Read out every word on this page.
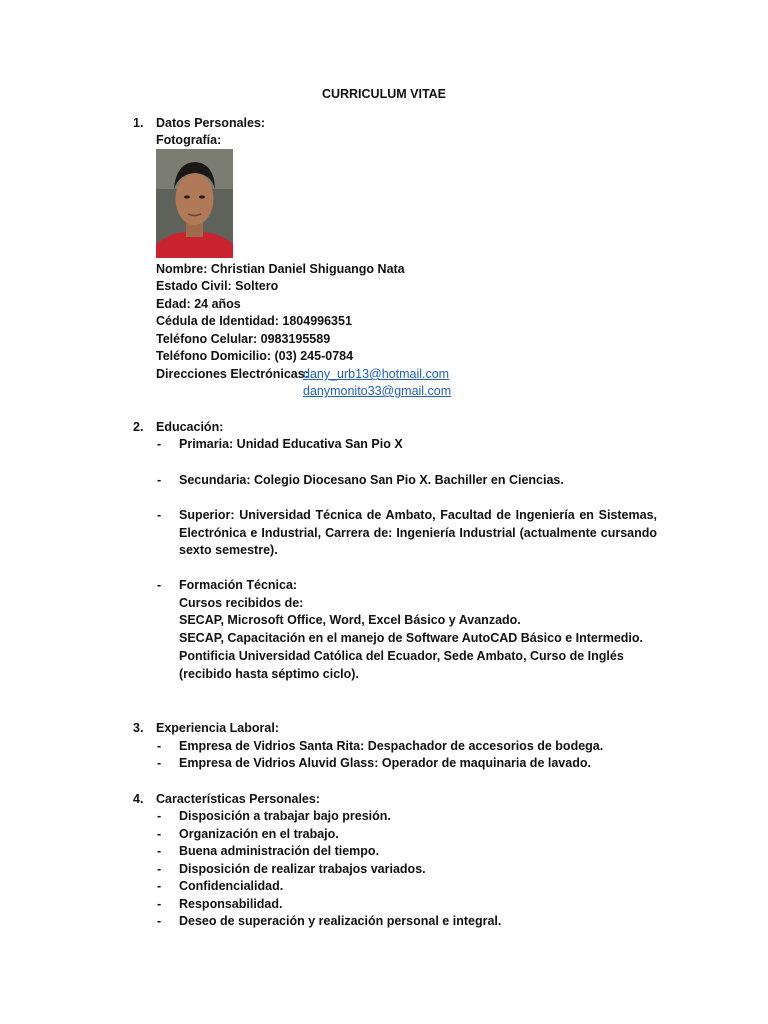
CURRICULUM VITAE
1. Datos Personales:
Fotografía:
Nombre: Christian Daniel Shiguango Nata
Estado Civil: Soltero
Edad: 24 años
Cédula de Identidad: 1804996351
Teléfono Celular: 0983195589
Teléfono Domicilio: (03) 245-0784
Direcciones Electrónicas:
dany_urb13@hotmail.com
danymonito33@gmail.com
2. Educación:
- Primaria: Unidad Educativa San Pio X
- Secundaria: Colegio Diocesano San Pio X. Bachiller en Ciencias.
- Superior: Universidad Técnica de Ambato, Facultad de Ingeniería en Sistemas, Electrónica e Industrial, Carrera de: Ingeniería Industrial (actualmente cursando sexto semestre).
- Formación Técnica:
Cursos recibidos de:
SECAP, Microsoft Office, Word, Excel Básico y Avanzado.
SECAP, Capacitación en el manejo de Software AutoCAD Básico e Intermedio.
Pontificia Universidad Católica del Ecuador, Sede Ambato, Curso de Inglés (recibido hasta séptimo ciclo).
3. Experiencia Laboral:
- Empresa de Vidrios Santa Rita: Despachador de accesorios de bodega.
- Empresa de Vidrios Aluvid Glass: Operador de maquinaria de lavado.
4. Características Personales:
- Disposición a trabajar bajo presión.
- Organización en el trabajo.
- Buena administración del tiempo.
- Disposición de realizar trabajos variados.
- Confidencialidad.
- Responsabilidad.
- Deseo de superación y realización personal e integral.
